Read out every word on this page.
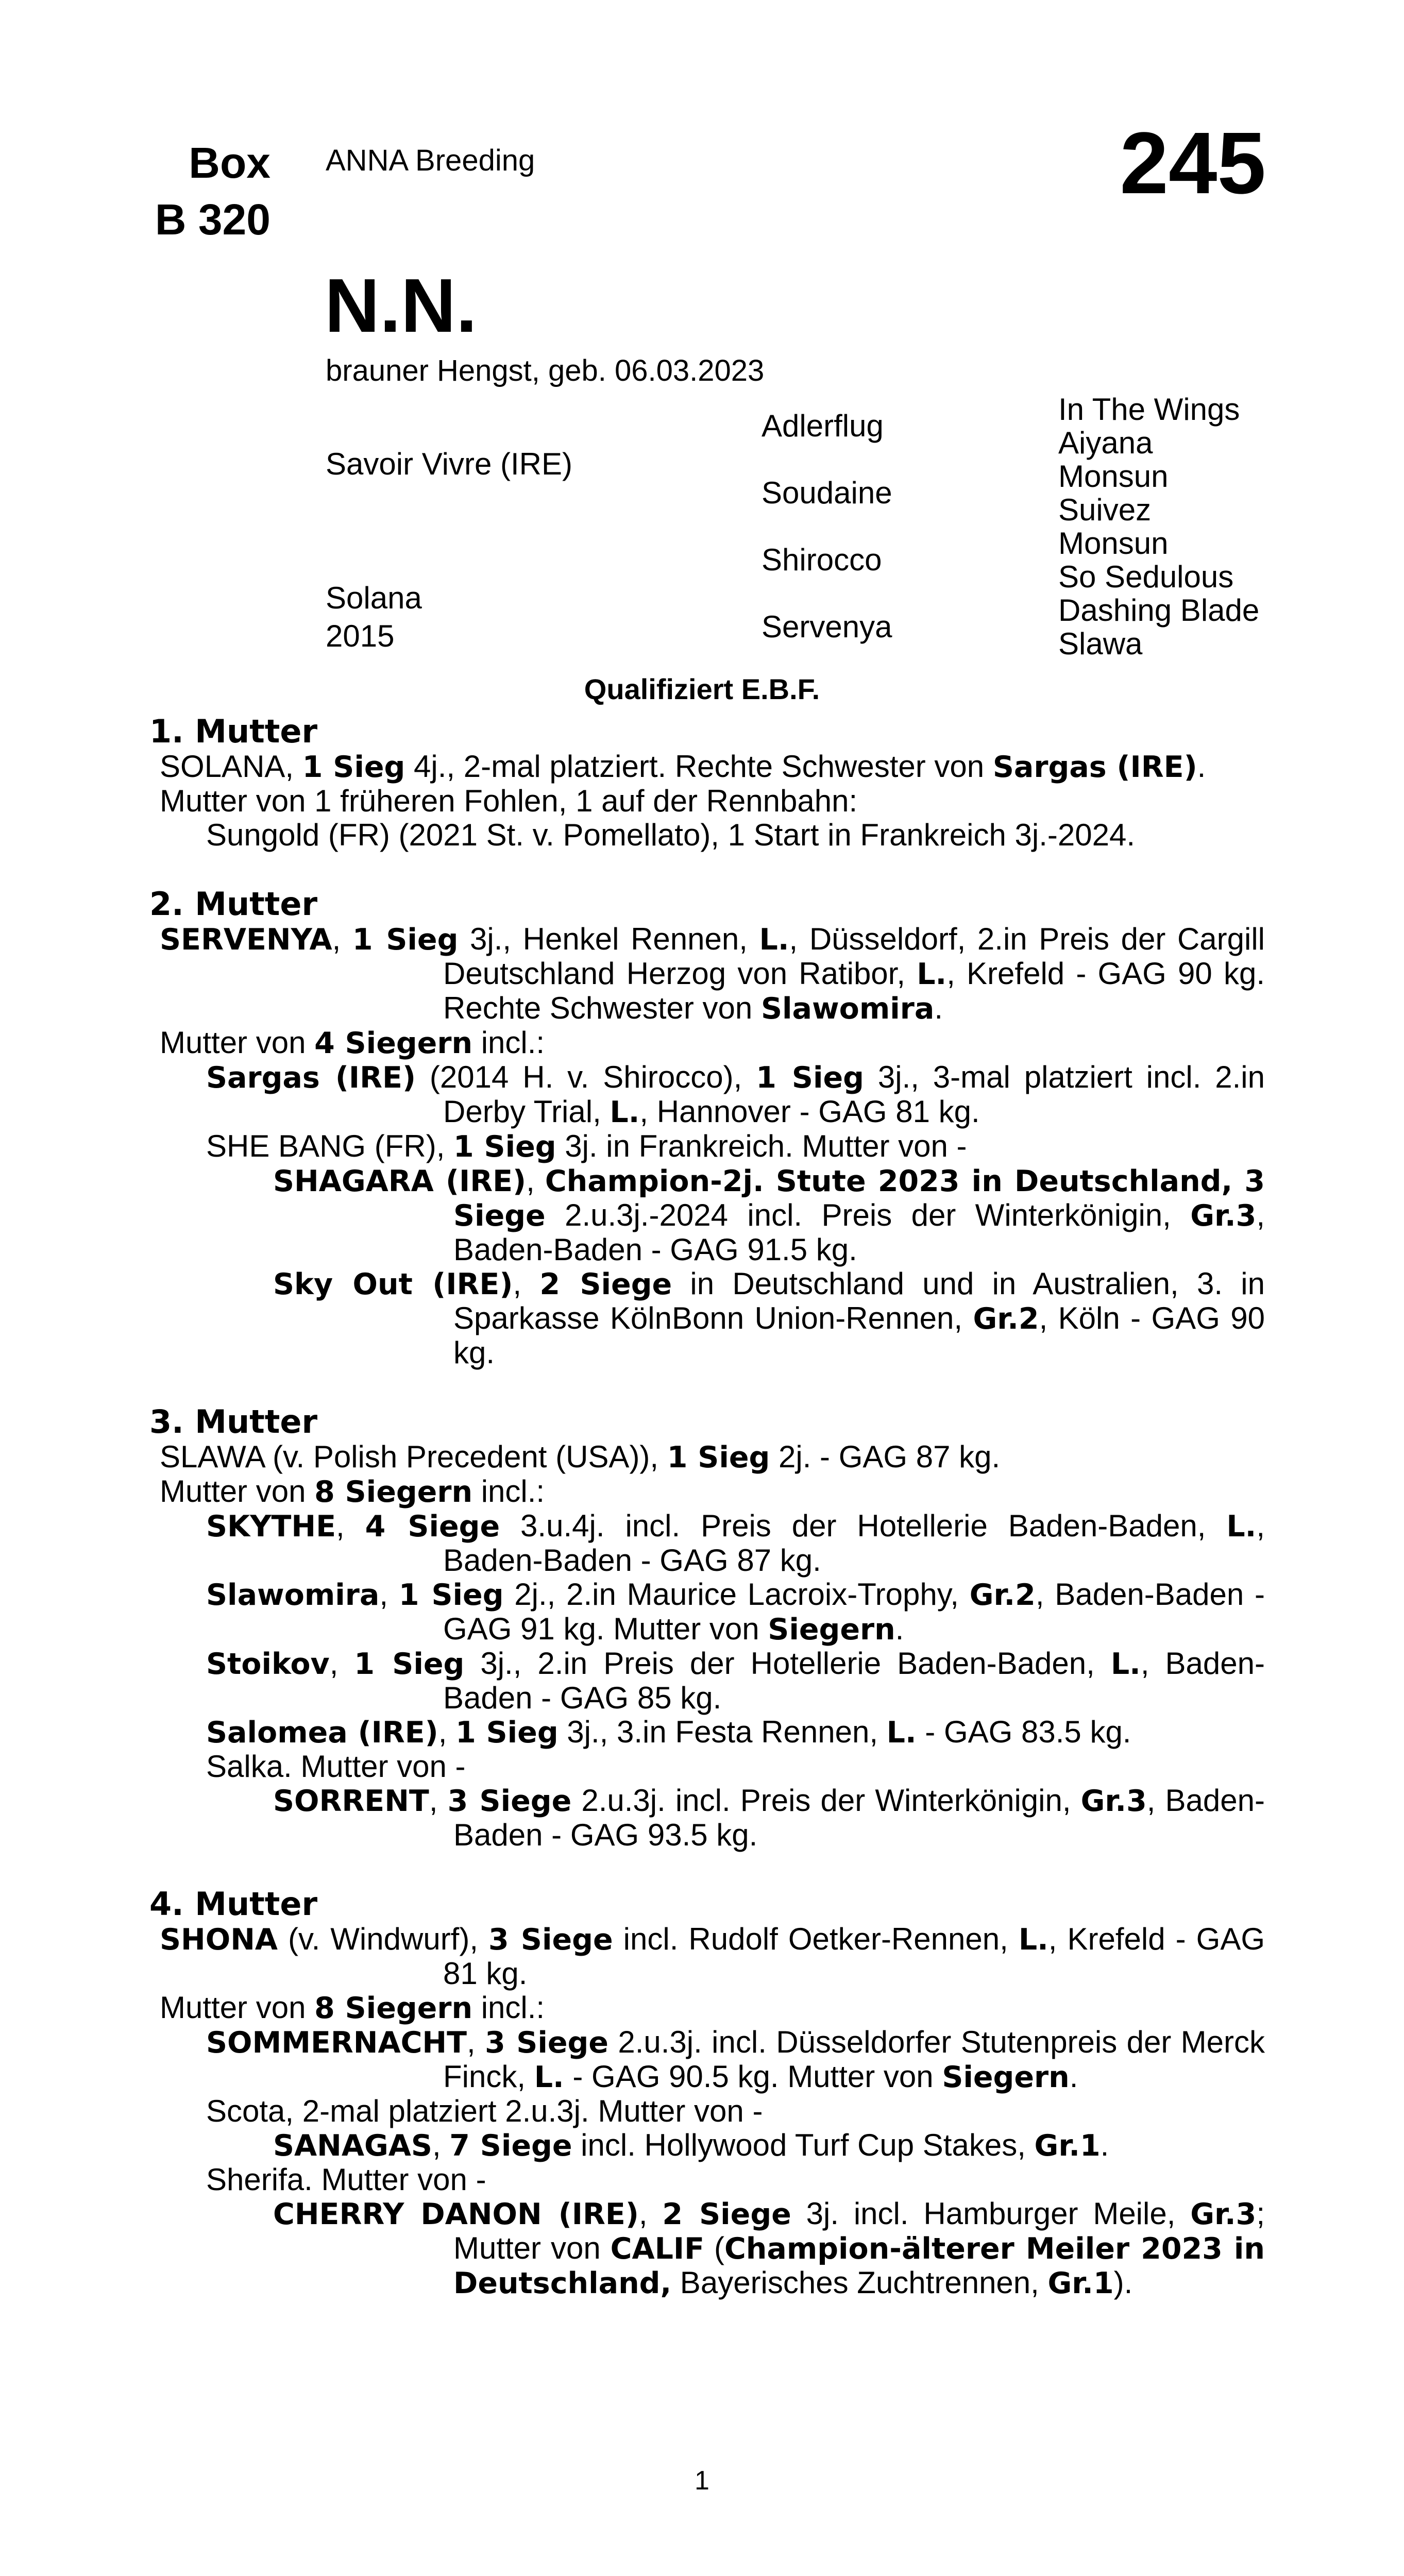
Box
B 320
ANNA Breeding	245
N.N.
brauner Hengst, geb. 06.03.2023
Savoir Vivre (IRE)
Solana
2015
Adlerflug
Soudaine
Shirocco
Servenya
In The Wings
Aiyana
Monsun
Suivez
Monsun
So Sedulous
Dashing Blade
Slawa
Qualifiziert E.B.F.
1. Mutter

SOLANA, 1 Sieg 4j., 2-mal platziert. Rechte Schwester von Sargas (IRE).

Mutter von 1 früheren Fohlen, 1 auf der Rennbahn:

Sungold (FR) (2021 St. v. Pomellato), 1 Start in Frankreich 3j.-2024.

2. Mutter

SERVENYA, 1 Sieg 3j., Henkel Rennen, L., Düsseldorf, 2.in Preis der Cargill Deutschland Herzog von Ratibor, L., Krefeld - GAG 90 kg. Rechte Schwester von Slawomira.

Mutter von 4 Siegern incl.:

Sargas (IRE) (2014 H. v. Shirocco), 1 Sieg 3j., 3-mal platziert incl. 2.in Derby Trial, L., Hannover - GAG 81 kg.

SHE BANG (FR), 1 Sieg 3j. in Frankreich. Mutter von -

SHAGARA (IRE), Champion-2j. Stute 2023 in Deutschland, 3 Siege 2.u.3j.-2024 incl. Preis der Winterkönigin, Gr.3, Baden-Baden - GAG 91.5 kg.

Sky Out (IRE), 2 Siege in Deutschland und in Australien, 3. in Sparkasse KölnBonn Union-Rennen, Gr.2, Köln - GAG 90 kg.

3. Mutter

SLAWA (v. Polish Precedent (USA)), 1 Sieg 2j. - GAG 87 kg.

Mutter von 8 Siegern incl.:

SKYTHE, 4 Siege 3.u.4j. incl. Preis der Hotellerie Baden-Baden, L., Baden-Baden - GAG 87 kg.

Slawomira, 1 Sieg 2j., 2.in Maurice Lacroix-Trophy, Gr.2, Baden-Baden - GAG 91 kg. Mutter von Siegern.

Stoikov, 1 Sieg 3j., 2.in Preis der Hotellerie Baden-Baden, L., Baden-Baden - GAG 85 kg.

Salomea (IRE), 1 Sieg 3j., 3.in Festa Rennen, L. - GAG 83.5 kg.

Salka. Mutter von -

SORRENT, 3 Siege 2.u.3j. incl. Preis der Winterkönigin, Gr.3, Baden-Baden - GAG 93.5 kg.

4. Mutter

SHONA (v. Windwurf), 3 Siege incl. Rudolf Oetker-Rennen, L., Krefeld - GAG 81 kg.

Mutter von 8 Siegern incl.:

SOMMERNACHT, 3 Siege 2.u.3j. incl. Düsseldorfer Stutenpreis der Merck Finck, L. - GAG 90.5 kg. Mutter von Siegern.

Scota, 2-mal platziert 2.u.3j. Mutter von -

SANAGAS, 7 Siege incl. Hollywood Turf Cup Stakes, Gr.1.

Sherifa. Mutter von -

CHERRY DANON (IRE), 2 Siege 3j. incl. Hamburger Meile, Gr.3; Mutter von CALIF (Champion-älterer Meiler 2023 in Deutschland, Bayerisches Zuchtrennen, Gr.1).

1
